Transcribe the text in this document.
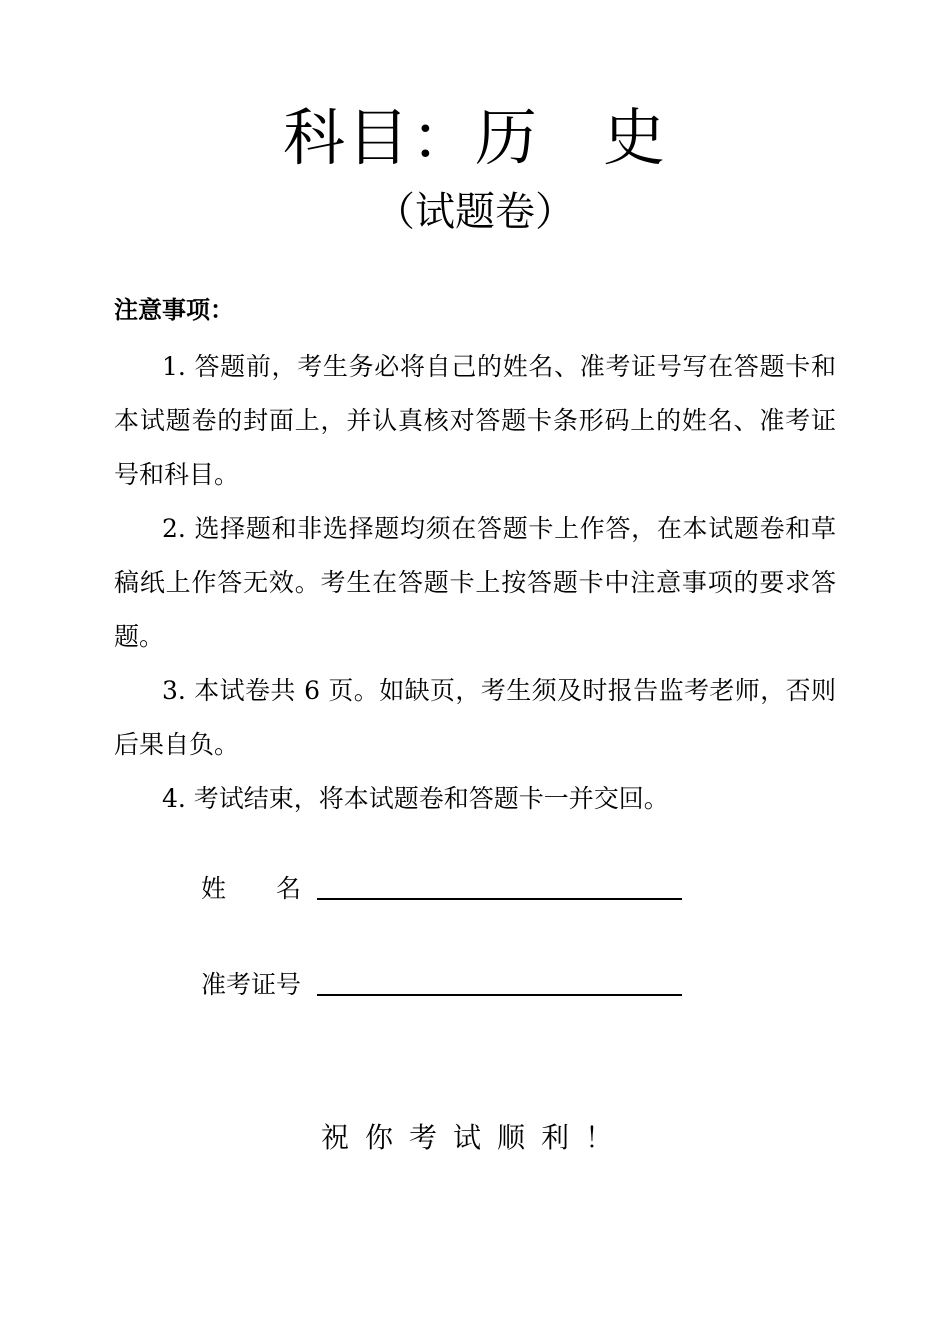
科目：历　史
（试题卷）
注意事项：
1. 答题前，考生务必将自己的姓名、准考证号写在答题卡和本试题卷的封面上，并认真核对答题卡条形码上的姓名、准考证号和科目。
2. 选择题和非选择题均须在答题卡上作答，在本试题卷和草稿纸上作答无效。考生在答题卡上按答题卡中注意事项的要求答题。
3. 本试卷共 6 页。如缺页，考生须及时报告监考老师，否则后果自负。
4. 考试结束，将本试题卷和答题卡一并交回。
姓　　名
准考证号
祝你考试顺利！
